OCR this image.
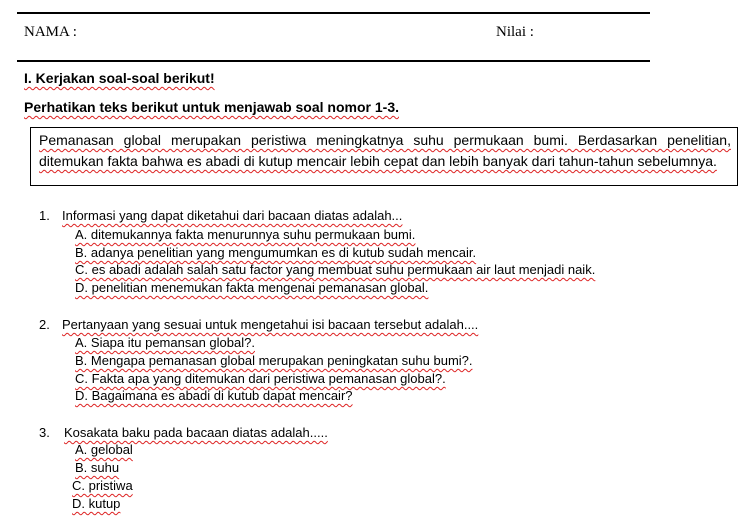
NAMA :	Nilai :
I. Kerjakan soal-soal berikut!
Perhatikan teks berikut untuk menjawab soal nomor 1-3.
Pemanasan global merupakan peristiwa meningkatnya suhu permukaan bumi. Berdasarkan penelitian, ditemukan fakta bahwa es abadi di kutup mencair lebih cepat dan lebih banyak dari tahun-tahun sebelumnya.
1. Informasi yang dapat diketahui dari bacaan diatas adalah...
A. ditemukannya fakta menurunnya suhu permukaan bumi.
B. adanya penelitian yang mengumumkan es di kutub sudah mencair.
C. es abadi adalah salah satu factor yang membuat suhu permukaan air laut menjadi naik.
D. penelitian menemukan fakta mengenai pemanasan global.
2. Pertanyaan yang sesuai untuk mengetahui isi bacaan tersebut adalah....
A. Siapa itu pemansan global?.
B. Mengapa pemanasan global merupakan peningkatan suhu bumi?.
C. Fakta apa yang ditemukan dari peristiwa pemanasan global?.
D. Bagaimana es abadi di kutub dapat mencair?
3. Kosakata baku pada bacaan diatas adalah.....
A. gelobal
B. suhu
C. pristiwa
D. kutup
